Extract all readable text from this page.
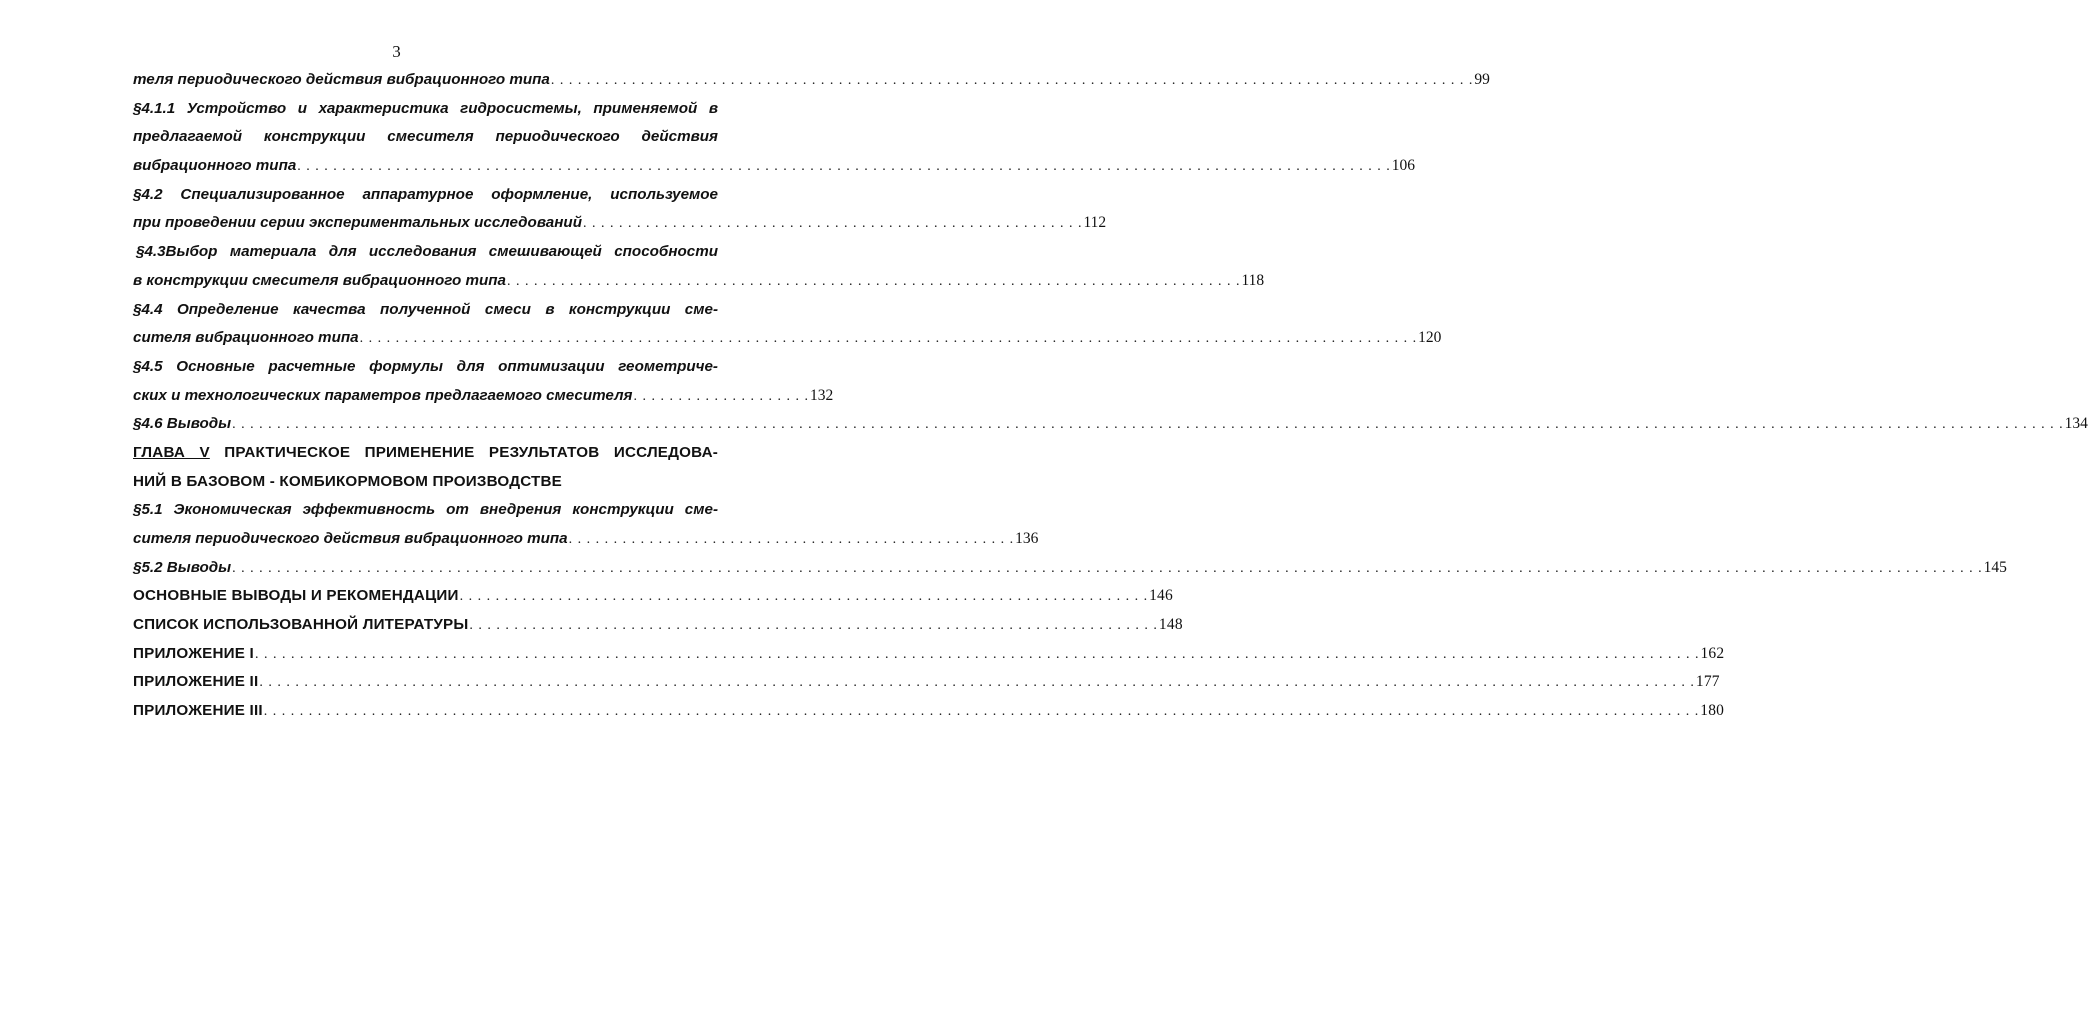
3
теля периодического действия вибрационного типа . . . . . . . . . . . . . . . . . . . . . . . . . . . . . . . . . . . . . . . . . . . . . . . . . . . . . . . . . . . . . . . . . . . . . . . . . . . . . . . . . . . . . . . . . . . . . . . . . . . . . . . 99
§4.1.1 Устройство и характеристика гидросистемы, применяемой в
предлагаемой конструкции смесителя периодического действия
вибрационного типа . . . . . . . . . . . . . . . . . . . . . . . . . . . . . . . . . . . . . . . . . . . . . . . . . . . . . . . . . . . . . . . . . . . . . . . . . . . . . . . . . . . . . . . . . . . . . . . . . . . . . . . . . . . . . . . . . . . . . . . . . . 106
§4.2 Специализированное аппаратурное оформление, используемое
при проведении серии экспериментальных исследований . . . . . . . . . . . . . . . . . . . . . . . . . . . . . . . . . . . . . . . . . . . . . . . . . . . . . . . . 112
§4.3Выбор материала для исследования смешивающей способности
в конструкции смесителя вибрационного типа . . . . . . . . . . . . . . . . . . . . . . . . . . . . . . . . . . . . . . . . . . . . . . . . . . . . . . . . . . . . . . . . . . . . . . . . . . . . . . . . . . 118
§4.4 Определение качества полученной смеси в конструкции сме-
сителя вибрационного типа . . . . . . . . . . . . . . . . . . . . . . . . . . . . . . . . . . . . . . . . . . . . . . . . . . . . . . . . . . . . . . . . . . . . . . . . . . . . . . . . . . . . . . . . . . . . . . . . . . . . . . . . . . . . . . . . . . . . . . 120
§4.5 Основные расчетные формулы для оптимизации геометриче-
ских и технологических параметров предлагаемого смесителя . . . . . . . . . . . . . . . . . . . . 132
§4.6 Выводы . . . . . . . . . . . . . . . . . . . . . . . . . . . . . . . . . . . . . . . . . . . . . . . . . . . . . . . . . . . . . . . . . . . . . . . . . . . . . . . . . . . . . . . . . . . . . . . . . . . . . . . . . . . . . . . . . . . . . . . . . . . . . . . . . . . . . . . . . . . . . . . . . . . . . . . . . . . . . . . . . . . . . . . . . . . . . . . . . . . . . . . . . . . . . . . . . . . . . . . . . . . . 134
ГЛАВА V ПРАКТИЧЕСКОЕ ПРИМЕНЕНИЕ РЕЗУЛЬТАТОВ ИССЛЕДОВА-
НИЙ В БАЗОВОМ - КОМБИКОРМОВОМ ПРОИЗВОДСТВЕ
§5.1 Экономическая эффективность от внедрения конструкции сме-
сителя периодического действия вибрационного типа . . . . . . . . . . . . . . . . . . . . . . . . . . . . . . . . . . . . . . . . . . . . . . . . . . 136
§5.2 Выводы . . . . . . . . . . . . . . . . . . . . . . . . . . . . . . . . . . . . . . . . . . . . . . . . . . . . . . . . . . . . . . . . . . . . . . . . . . . . . . . . . . . . . . . . . . . . . . . . . . . . . . . . . . . . . . . . . . . . . . . . . . . . . . . . . . . . . . . . . . . . . . . . . . . . . . . . . . . . . . . . . . . . . . . . . . . . . . . . . . . . . . . . . . . . . . . . . . . 145
ОСНОВНЫЕ ВЫВОДЫ И РЕКОМЕНДАЦИИ . . . . . . . . . . . . . . . . . . . . . . . . . . . . . . . . . . . . . . . . . . . . . . . . . . . . . . . . . . . . . . . . . . . . . . . . . . . . . 146
СПИСОК ИСПОЛЬЗОВАННОЙ ЛИТЕРАТУРЫ . . . . . . . . . . . . . . . . . . . . . . . . . . . . . . . . . . . . . . . . . . . . . . . . . . . . . . . . . . . . . . . . . . . . . . . . . . . . . 148
ПРИЛОЖЕНИЕ I . . . . . . . . . . . . . . . . . . . . . . . . . . . . . . . . . . . . . . . . . . . . . . . . . . . . . . . . . . . . . . . . . . . . . . . . . . . . . . . . . . . . . . . . . . . . . . . . . . . . . . . . . . . . . . . . . . . . . . . . . . . . . . . . . . . . . . . . . . . . . . . . . . . . . . . . . . . . . . . . . 162
ПРИЛОЖЕНИЕ II . . . . . . . . . . . . . . . . . . . . . . . . . . . . . . . . . . . . . . . . . . . . . . . . . . . . . . . . . . . . . . . . . . . . . . . . . . . . . . . . . . . . . . . . . . . . . . . . . . . . . . . . . . . . . . . . . . . . . . . . . . . . . . . . . . . . . . . . . . . . . . . . . . . . . . . . . . . . . . . . 177
ПРИЛОЖЕНИЕ III . . . . . . . . . . . . . . . . . . . . . . . . . . . . . . . . . . . . . . . . . . . . . . . . . . . . . . . . . . . . . . . . . . . . . . . . . . . . . . . . . . . . . . . . . . . . . . . . . . . . . . . . . . . . . . . . . . . . . . . . . . . . . . . . . . . . . . . . . . . . . . . . . . . . . . . . . . . . . . . . 180
